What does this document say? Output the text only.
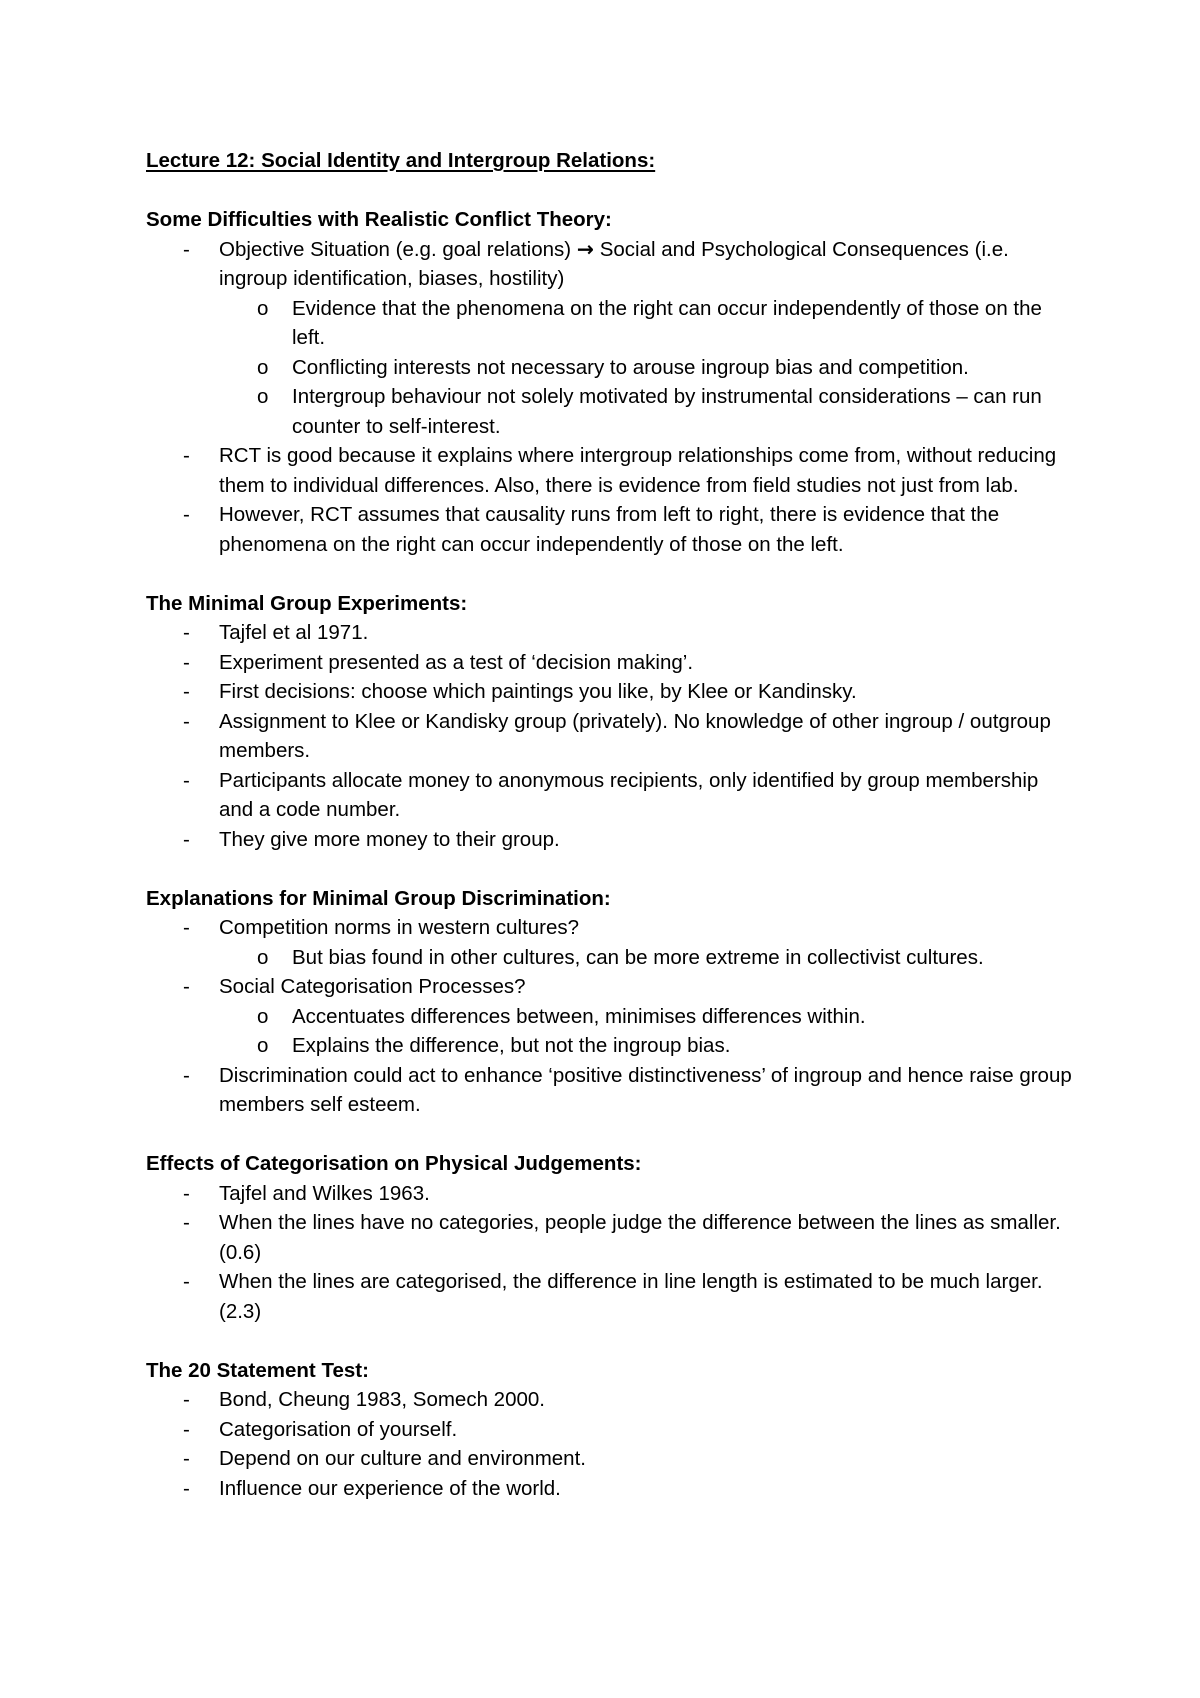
Lecture 12: Social Identity and Intergroup Relations:

Some Difficulties with Realistic Conflict Theory:

- Objective Situation (e.g. goal relations) → Social and Psychological Consequences (i.e. ingroup identification, biases, hostility)
o Evidence that the phenomena on the right can occur independently of those on the left.
o Conflicting interests not necessary to arouse ingroup bias and competition.
o Intergroup behaviour not solely motivated by instrumental considerations – can run counter to self-interest.
- RCT is good because it explains where intergroup relationships come from, without reducing them to individual differences. Also, there is evidence from field studies not just from lab.
- However, RCT assumes that causality runs from left to right, there is evidence that the phenomena on the right can occur independently of those on the left.

The Minimal Group Experiments:

- Tajfel et al 1971.
- Experiment presented as a test of ‘decision making’.
- First decisions: choose which paintings you like, by Klee or Kandinsky.
- Assignment to Klee or Kandisky group (privately). No knowledge of other ingroup / outgroup members.
- Participants allocate money to anonymous recipients, only identified by group membership and a code number.
- They give more money to their group.

Explanations for Minimal Group Discrimination:

- Competition norms in western cultures?
o But bias found in other cultures, can be more extreme in collectivist cultures.
- Social Categorisation Processes?
o Accentuates differences between, minimises differences within.
o Explains the difference, but not the ingroup bias.
- Discrimination could act to enhance ‘positive distinctiveness’ of ingroup and hence raise group members self esteem.

Effects of Categorisation on Physical Judgements:

- Tajfel and Wilkes 1963.
- When the lines have no categories, people judge the difference between the lines as smaller. (0.6)
- When the lines are categorised, the difference in line length is estimated to be much larger. (2.3)

The 20 Statement Test:

- Bond, Cheung 1983, Somech 2000.
- Categorisation of yourself.
- Depend on our culture and environment.
- Influence our experience of the world.
